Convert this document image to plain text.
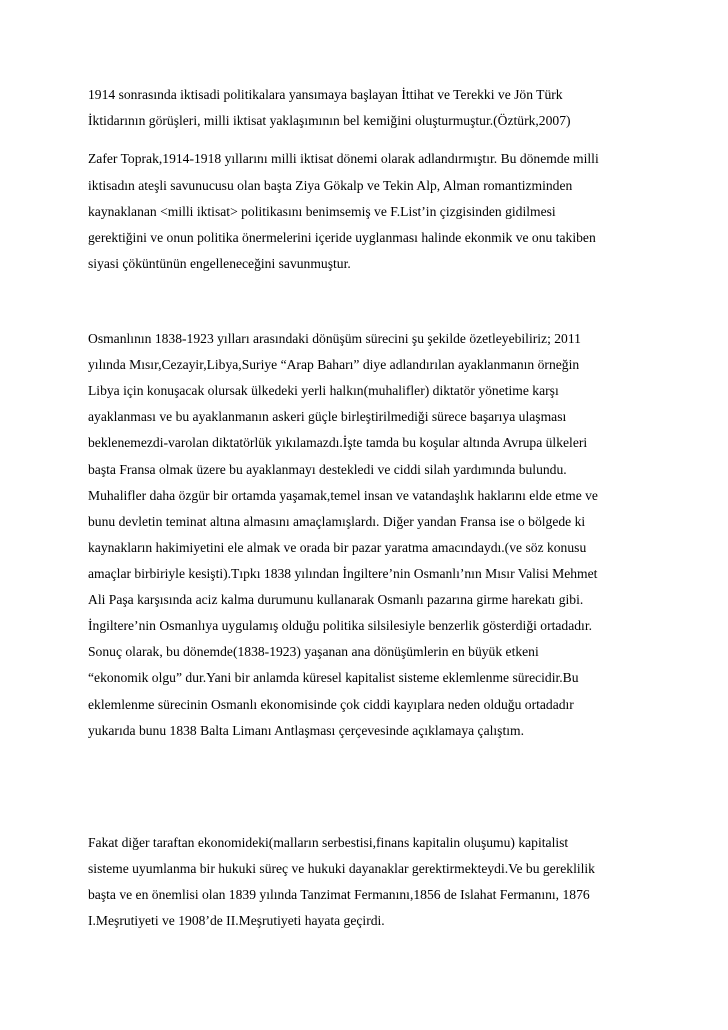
1914 sonrasında iktisadi politikalara yansımaya başlayan İttihat ve Terekki ve Jön Türk

İktidarının görüşleri, milli iktisat yaklaşımının bel kemiğini oluşturmuştur.(Öztürk,2007)

Zafer Toprak,1914-1918 yıllarını milli iktisat dönemi olarak adlandırmıştır. Bu dönemde milli

iktisadın ateşli savunucusu olan başta Ziya Gökalp ve Tekin Alp, Alman romantizminden

kaynaklanan <milli iktisat> politikasını benimsemiş ve F.List’in çizgisinden gidilmesi

gerektiğini ve onun politika önermelerini içeride uyglanması halinde ekonmik ve onu takiben

siyasi çöküntünün engelleneceğini savunmuştur.

Osmanlının 1838-1923 yılları arasındaki dönüşüm sürecini şu şekilde özetleyebiliriz; 2011

yılında Mısır,Cezayir,Libya,Suriye “Arap Baharı” diye adlandırılan ayaklanmanın örneğin

Libya için konuşacak olursak ülkedeki yerli halkın(muhalifler) diktatör yönetime karşı

ayaklanması ve bu ayaklanmanın askeri güçle birleştirilmediği sürece başarıya ulaşması

beklenemezdi-varolan diktatörlük yıkılamazdı.İşte tamda bu koşular altında Avrupa ülkeleri

başta Fransa olmak üzere bu ayaklanmayı destekledi ve ciddi silah yardımında bulundu.

Muhalifler daha özgür bir ortamda yaşamak,temel insan ve vatandaşlık haklarını elde etme ve

bunu devletin teminat altına almasını amaçlamışlardı. Diğer yandan Fransa ise o bölgede ki

kaynakların hakimiyetini ele almak ve orada bir pazar yaratma amacındaydı.(ve söz konusu

amaçlar birbiriyle kesişti).Tıpkı 1838 yılından İngiltere’nin Osmanlı’nın Mısır Valisi Mehmet

Ali Paşa karşısında aciz kalma durumunu kullanarak Osmanlı pazarına girme harekatı gibi.

İngiltere’nin Osmanlıya uygulamış olduğu politika silsilesiyle benzerlik gösterdiği ortadadır.

Sonuç olarak, bu dönemde(1838-1923) yaşanan ana dönüşümlerin en büyük etkeni

“ekonomik olgu” dur.Yani bir anlamda küresel kapitalist sisteme eklemlenme sürecidir.Bu

eklemlenme sürecinin Osmanlı ekonomisinde çok ciddi kayıplara neden olduğu ortadadır

yukarıda bunu 1838 Balta Limanı Antlaşması çerçevesinde açıklamaya çalıştım.

Fakat diğer taraftan ekonomideki(malların serbestisi,finans kapitalin oluşumu) kapitalist

sisteme uyumlanma bir hukuki süreç ve hukuki dayanaklar gerektirmekteydi.Ve bu gereklilik

başta ve en önemlisi olan 1839 yılında Tanzimat Fermanını,1856 de Islahat Fermanını, 1876

I.Meşrutiyeti ve 1908’de II.Meşrutiyeti hayata geçirdi.
